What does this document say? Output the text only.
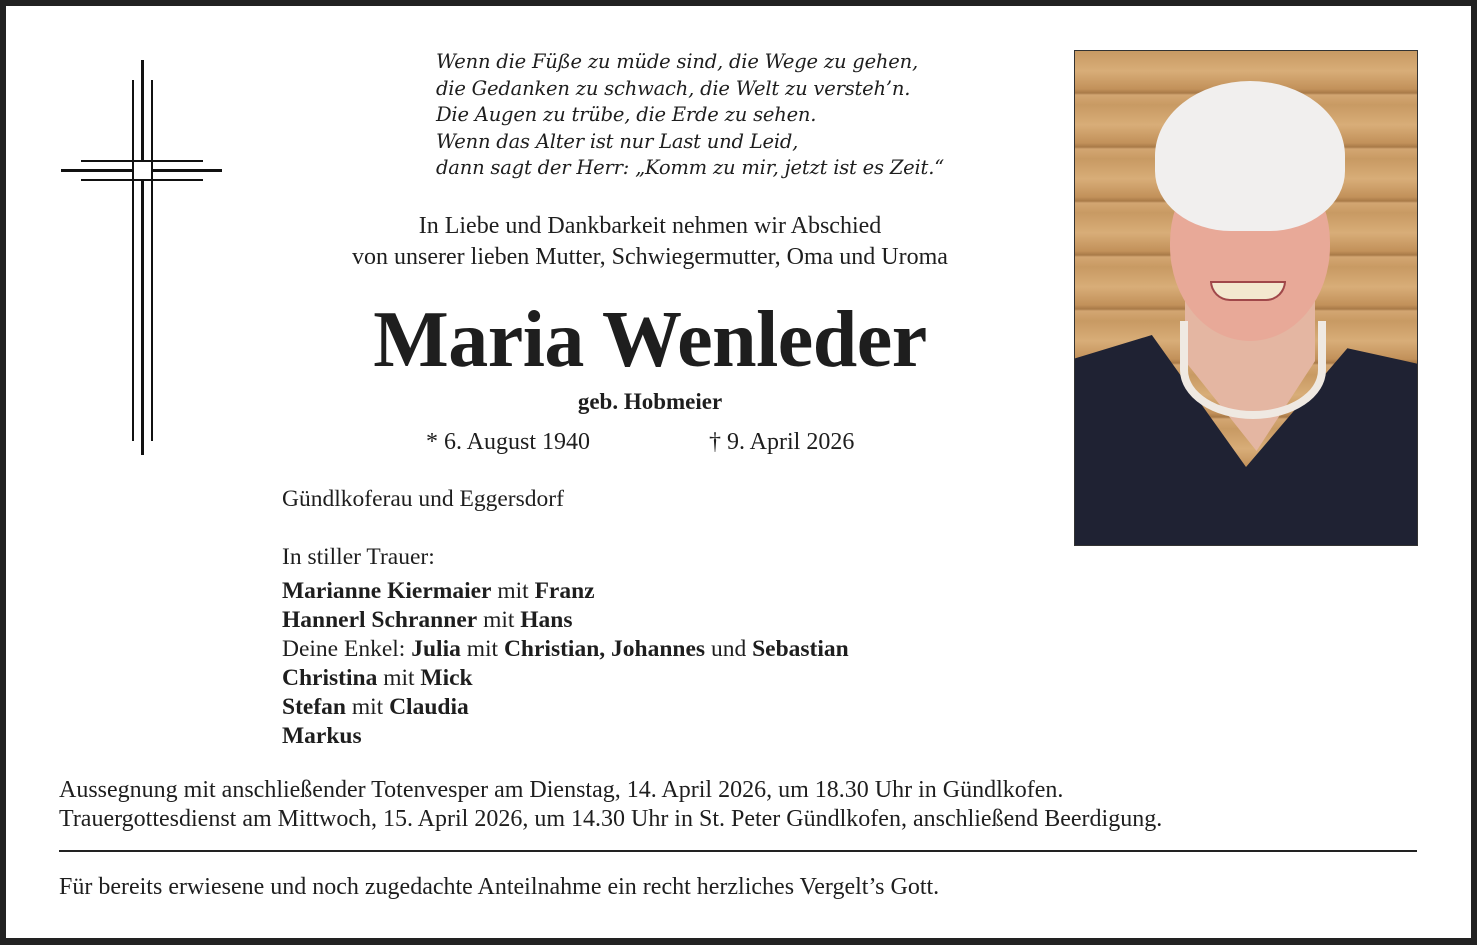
Wenn die Füße zu müde sind, die Wege zu gehen,
die Gedanken zu schwach, die Welt zu versteh’n.
Die Augen zu trübe, die Erde zu sehen.
Wenn das Alter ist nur Last und Leid,
dann sagt der Herr: „Komm zu mir, jetzt ist es Zeit.“
In Liebe und Dankbarkeit nehmen wir Abschied
von unserer lieben Mutter, Schwiegermutter, Oma und Uroma
Maria Wenleder
geb. Hobmeier
* 6. August 1940	† 9. April 2026
Gündlkoferau und Eggersdorf
In stiller Trauer:
Marianne Kiermaier mit Franz
Hannerl Schranner mit Hans
Deine Enkel: Julia mit Christian, Johannes und Sebastian
Christina mit Mick
Stefan mit Claudia
Markus
Aussegnung mit anschließender Totenvesper am Dienstag, 14. April 2026, um 18.30 Uhr in Gündlkofen.
Trauergottesdienst am Mittwoch, 15. April 2026, um 14.30 Uhr in St. Peter Gündlkofen, anschließend Beerdigung.
Für bereits erwiesene und noch zugedachte Anteilnahme ein recht herzliches Vergelt’s Gott.
